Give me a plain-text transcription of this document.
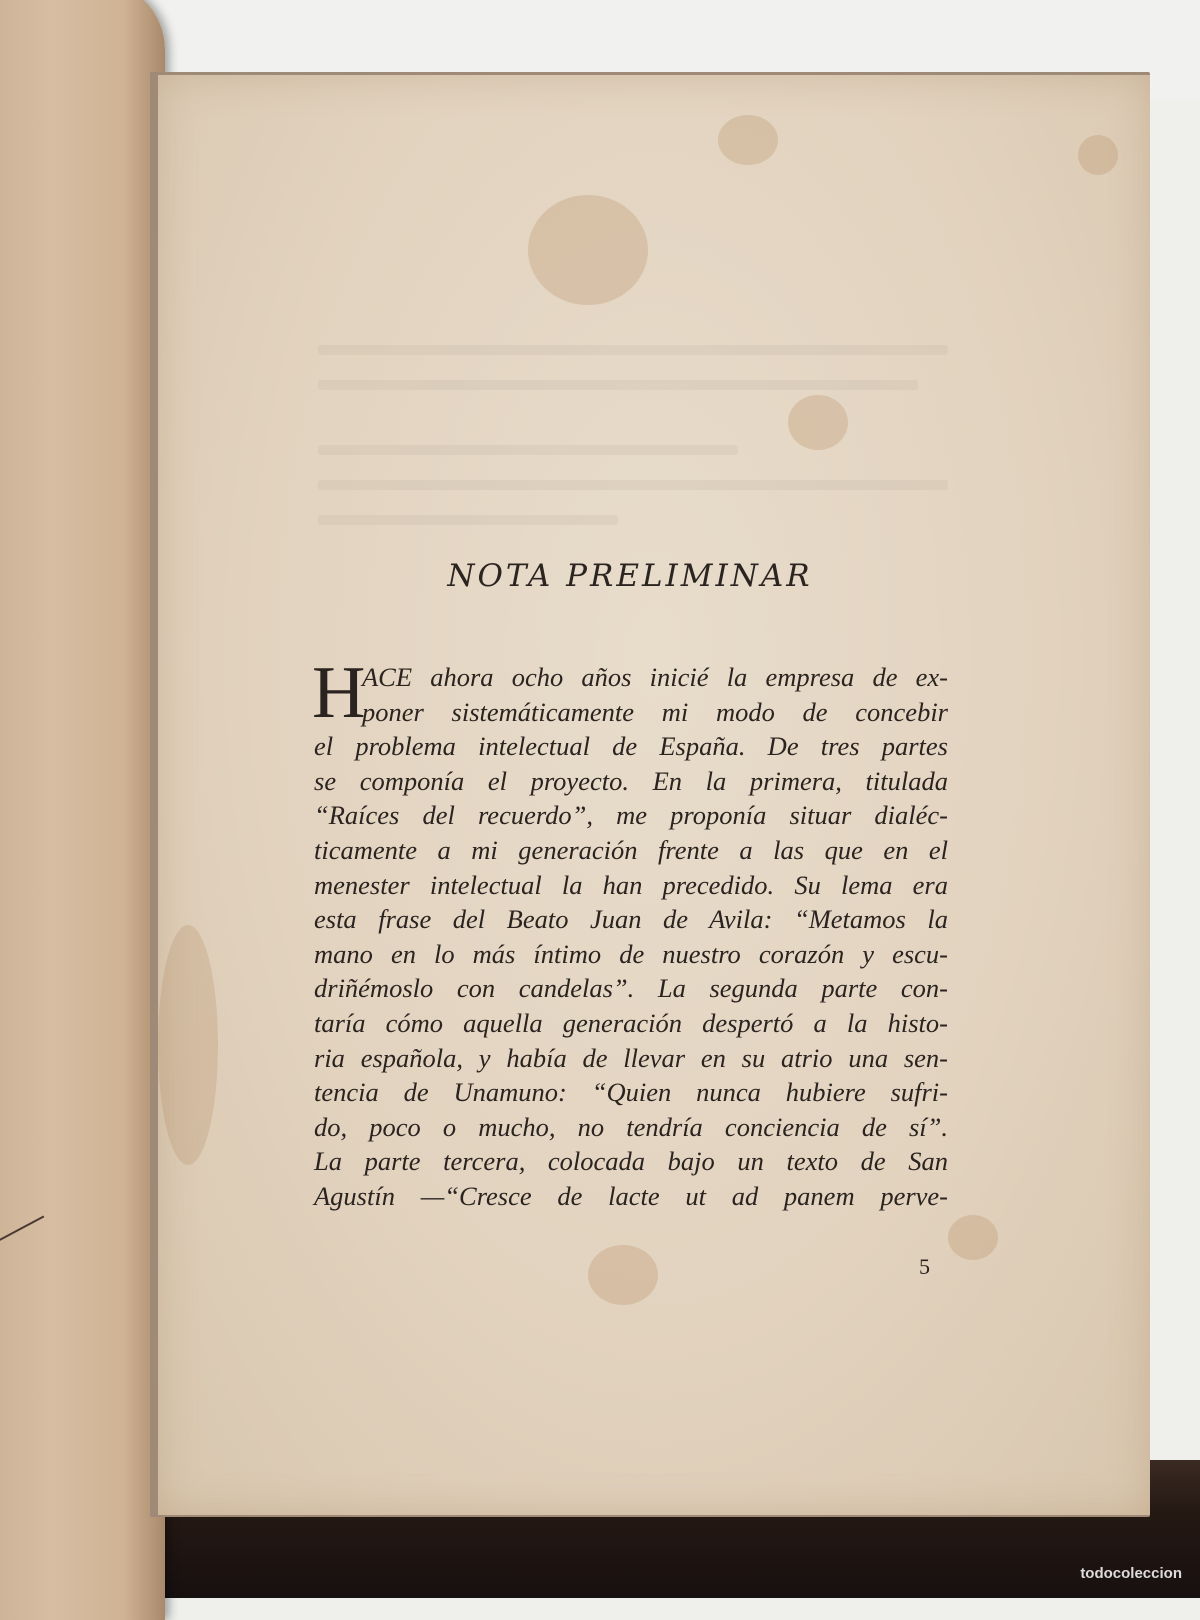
NOTA PRELIMINAR
H
ACE ahora ocho años inicié la empresa de ex-
poner sistemáticamente mi modo de concebir
el problema intelectual de España. De tres partes
se componía el proyecto. En la primera, titulada
“Raíces del recuerdo”, me proponía situar dialéc-
ticamente a mi generación frente a las que en el
menester intelectual la han precedido. Su lema era
esta frase del Beato Juan de Avila: “Metamos la
mano en lo más íntimo de nuestro corazón y escu-
driñémoslo con candelas”. La segunda parte con-
taría cómo aquella generación despertó a la histo-
ria española, y había de llevar en su atrio una sen-
tencia de Unamuno: “Quien nunca hubiere sufri-
do, poco o mucho, no tendría conciencia de sí”.
La parte tercera, colocada bajo un texto de San
Agustín —“Cresce de lacte ut ad panem perve-
5
todocoleccion
